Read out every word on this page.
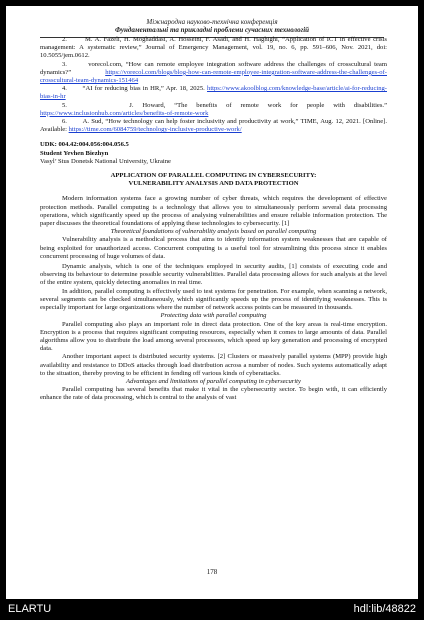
Міжнародна науково-технічна конференція
Фундаментальні та прикладні проблеми сучасних технологій
2.       M. A. Fazeli, H. Moghaddasi, A. Hosseini, F. Asadi, and H. Haghighi, “Application of ICT in effective crisis management: A systematic review,” Journal of Emergency Management, vol. 19, no. 6, pp. 591–606, Nov. 2021, doi: 10.5055/jem.0612.
3.       vorecol.com, “How can remote employee integration software address the challenges of crosscultural team dynamics?” https://vorecol.com/blogs/blog-how-can-remote-employee-integration-software-address-the-challenges-of-crosscultural-team-dynamics-151464
4.       “AI for reducing bias in HR,” Apr. 18, 2025. https://www.akoolblog.com/knowledge-base/article/ai-for-reducing-bias-in-hr
5.       J. Howard, “The benefits of remote work for people with disabilities.” https://www.inclusionhub.com/articles/benefits-of-remote-work
6.       A. Sud, “How technology can help foster inclusivity and productivity at work,” TIME, Aug. 12, 2021. [Online]. Available: https://time.com/6084759/technology-inclusive-productive-work/
UDK: 004.42:004.056:004.056.5
Student Yevhen Biezhyn
Vasyl’ Stus Donetsk National University, Ukraine
APPLICATION OF PARALLEL COMPUTING IN CYBERSECURITY:
VULNERABILITY ANALYSIS AND DATA PROTECTION
Modern information systems face a growing number of cyber threats, which requires the development of effective protection methods. Parallel computing is a technology that allows you to simultaneously perform several data processing operations, which significantly speed up the process of analysing vulnerabilities and ensure reliable information protection. The paper discusses the theoretical foundations of applying these technologies to cybersecurity. [1]
Theoretical foundations of vulnerability analysis based on parallel computing
Vulnerability analysis is a methodical process that aims to identify information system weaknesses that are capable of being exploited for unauthorized access. Concurrent computing is a useful tool for streamlining this process since it enables concurrent processing of huge volumes of data.
Dynamic analysis, which is one of the techniques employed in security audits, [1] consists of executing code and observing its behaviour to determine possible security vulnerabilities. Parallel data processing allows for such analysis at the level of the entire system, quickly detecting anomalies in real time.
In addition, parallel computing is effectively used to test systems for penetration. For example, when scanning a network, several segments can be checked simultaneously, which significantly speeds up the process of identifying weaknesses. This is especially important for large organizations where the number of network access points can be measured in thousands.
Protecting data with parallel computing
Parallel computing also plays an important role in direct data protection. One of the key areas is real-time encryption. Encryption is a process that requires significant computing resources, especially when it comes to large amounts of data. Parallel algorithms allow you to distribute the load among several processors, which speed up key generation and processing of encrypted data.
Another important aspect is distributed security systems. [2] Clusters or massively parallel systems (MPP) provide high availability and resistance to DDoS attacks through load distribution across a number of nodes. Such systems automatically adapt to the situation, thereby proving to be efficient in fending off various kinds of cyberattacks.
Advantages and limitations of parallel computing in cybersecurity
Parallel computing has several benefits that make it vital in the cybersecurity sector. To begin with, it can efficiently enhance the rate of data processing, which is central to the analysis of vast
178
ELARTU	hdl:lib/48822
